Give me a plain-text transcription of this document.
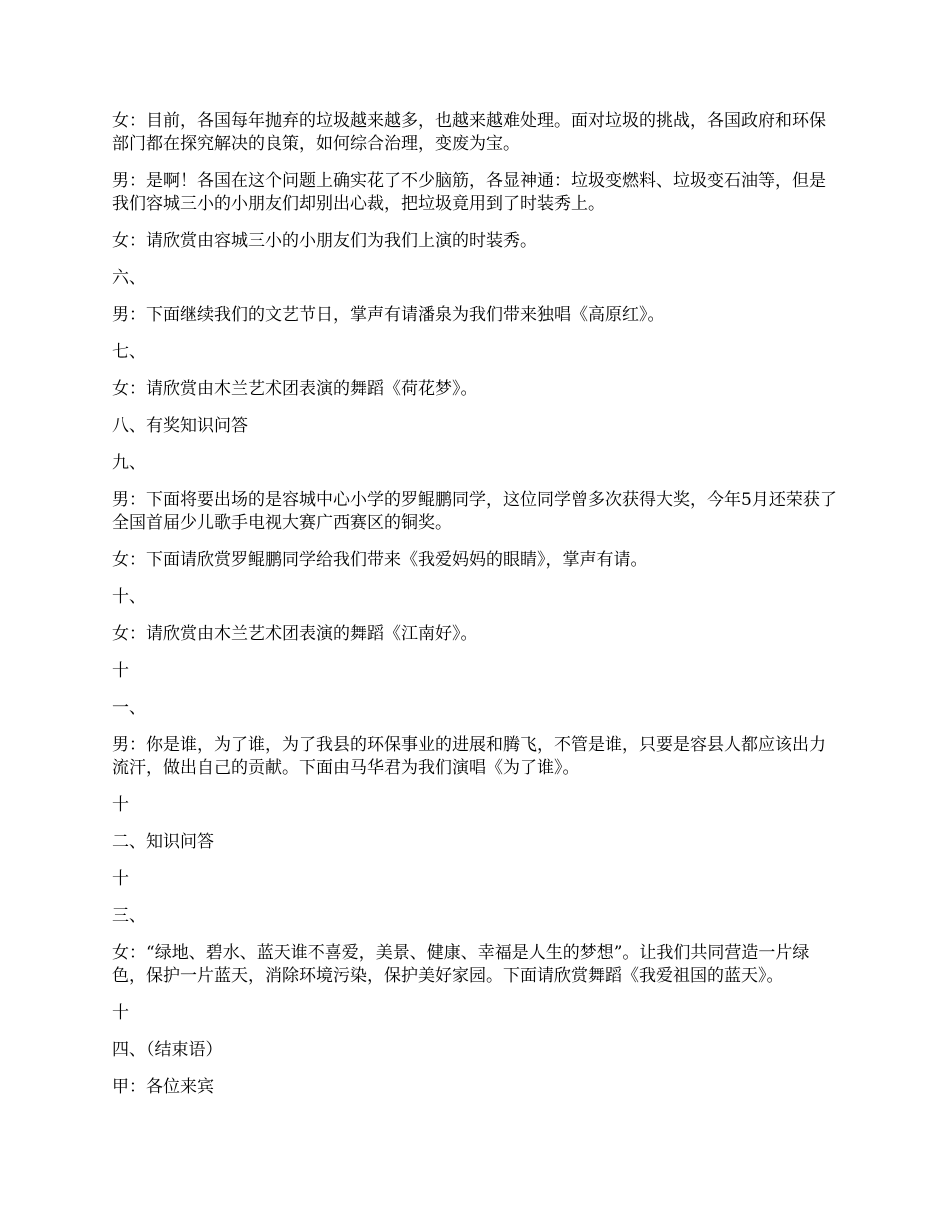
女：目前，各国每年抛弃的垃圾越来越多，也越来越难处理。面对垃圾的挑战，各国政府和环保部门都在探究解决的良策，如何综合治理，变废为宝。

男：是啊！各国在这个问题上确实花了不少脑筋，各显神通：垃圾变燃料、垃圾变石油等，但是我们容城三小的小朋友们却别出心裁，把垃圾竟用到了时装秀上。

女：请欣赏由容城三小的小朋友们为我们上演的时装秀。

六、

男：下面继续我们的文艺节日，掌声有请潘泉为我们带来独唱《高原红》。

七、

女：请欣赏由木兰艺术团表演的舞蹈《荷花梦》。

八、有奖知识问答

九、

男：下面将要出场的是容城中心小学的罗鲲鹏同学，这位同学曾多次获得大奖，今年5月还荣获了全国首届少儿歌手电视大赛广西赛区的铜奖。

女：下面请欣赏罗鲲鹏同学给我们带来《我爱妈妈的眼睛》，掌声有请。

十、

女：请欣赏由木兰艺术团表演的舞蹈《江南好》。

十

一、

男：你是谁，为了谁，为了我县的环保事业的进展和腾飞，不管是谁，只要是容县人都应该出力流汗，做出自己的贡献。下面由马华君为我们演唱《为了谁》。

十

二、知识问答

十

三、

女：“绿地、碧水、蓝天谁不喜爱，美景、健康、幸福是人生的梦想”。让我们共同营造一片绿色，保护一片蓝天，消除环境污染，保护美好家园。下面请欣赏舞蹈《我爱祖国的蓝天》。

十

四、（结束语）

甲：各位来宾
